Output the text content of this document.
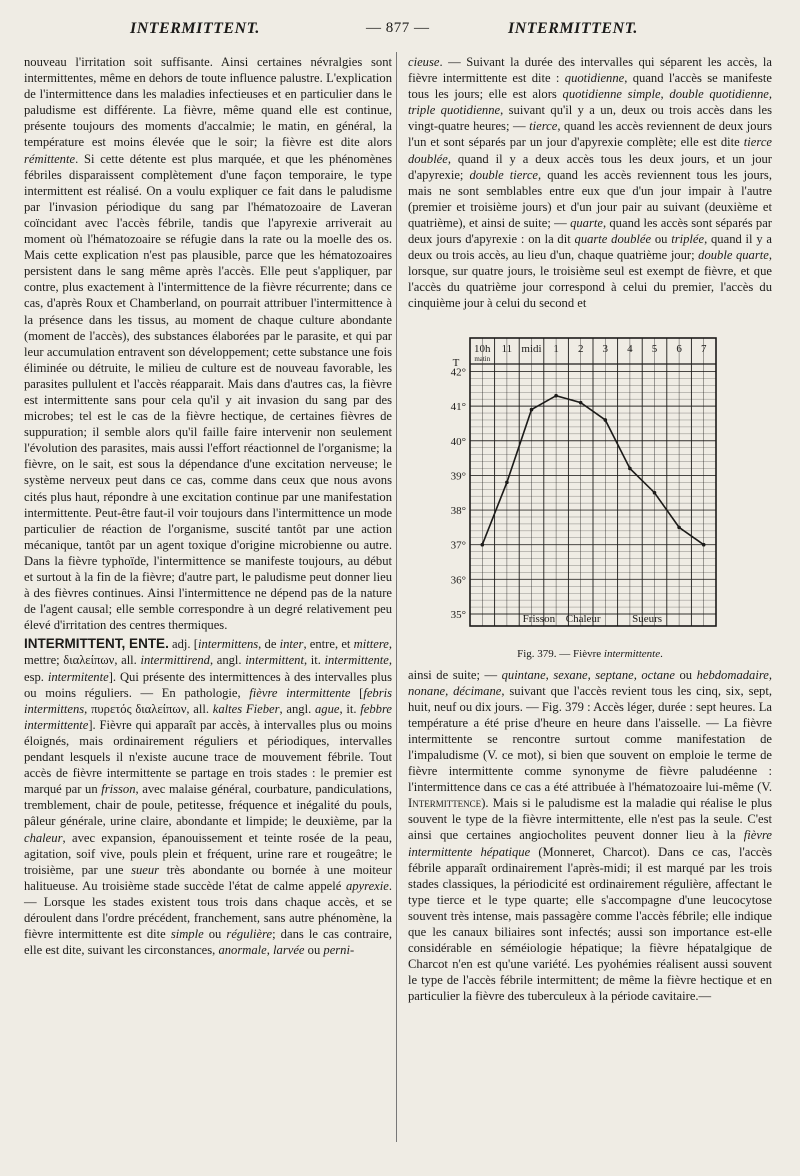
INTERMITTENT.	— 877 —	INTERMITTENT.

nouveau l'irritation soit suffisante. Ainsi certaines névralgies sont intermittentes, même en dehors de toute influence palustre. L'explication de l'intermittence dans les maladies infectieuses et en particulier dans le paludisme est différente. La fièvre, même quand elle est continue, présente toujours des moments d'accalmie; le matin, en général, la température est moins élevée que le soir; la fièvre est dite alors rémittente. Si cette détente est plus marquée, et que les phénomènes fébriles disparaissent complètement d'une façon temporaire, le type intermittent est réalisé. On a voulu expliquer ce fait dans le paludisme par l'invasion périodique du sang par l'hématozoaire de Laveran coïncidant avec l'accès fébrile, tandis que l'apyrexie arriverait au moment où l'hématozoaire se réfugie dans la rate ou la moelle des os. Mais cette explication n'est pas plausible, parce que les hématozoaires persistent dans le sang même après l'accès. Elle peut s'appliquer, par contre, plus exactement à l'intermittence de la fièvre récurrente; dans ce cas, d'après Roux et Chamberland, on pourrait attribuer l'intermittence à la présence dans les tissus, au moment de chaque culture abondante (moment de l'accès), des substances élaborées par le parasite, et qui par leur accumulation entravent son développement; cette substance une fois éliminée ou détruite, le milieu de culture est de nouveau favorable, les parasites pullulent et l'accès réapparait. Mais dans d'autres cas, la fièvre est intermittente sans pour cela qu'il y ait invasion du sang par des microbes; tel est le cas de la fièvre hectique, de certaines fièvres de suppuration; il semble alors qu'il faille faire intervenir non seulement l'évolution des parasites, mais aussi l'effort réactionnel de l'organisme; la fièvre, on le sait, est sous la dépendance d'une excitation nerveuse; le système nerveux peut dans ce cas, comme dans ceux que nous avons cités plus haut, répondre à une excitation continue par une manifestation intermittente. Peut-être faut-il voir toujours dans l'intermittence un mode particulier de réaction de l'organisme, suscité tantôt par une action mécanique, tantôt par un agent toxique d'origine microbienne ou autre. Dans la fièvre typhoïde, l'intermittence se manifeste toujours, au début et surtout à la fin de la fièvre; d'autre part, le paludisme peut donner lieu à des fièvres continues. Ainsi l'intermittence ne dépend pas de la nature de l'agent causal; elle semble correspondre à un degré relativement peu élevé d'irritation des centres thermiques.

INTERMITTENT, ENTE. adj. [intermittens, de inter, entre, et mittere, mettre; διαλείπων, all. intermittirend, angl. intermittent, it. intermittente, esp. intermitente]. Qui présente des intermittences à des intervalles plus ou moins réguliers. — En pathologie, fièvre intermittente [febris intermittens, πυρετός διαλείπων, all. kaltes Fieber, angl. ague, it. febbre intermittente]. Fièvre qui apparaît par accès, à intervalles plus ou moins éloignés, mais ordinairement réguliers et périodiques, intervalles pendant lesquels il n'existe aucune trace de mouvement fébrile. Tout accès de fièvre intermittente se partage en trois stades : le premier est marqué par un frisson, avec malaise général, courbature, pandiculations, tremblement, chair de poule, petitesse, fréquence et inégalité du pouls, pâleur générale, urine claire, abondante et limpide; le deuxième, par la chaleur, avec expansion, épanouissement et teinte rosée de la peau, agitation, soif vive, pouls plein et fréquent, urine rare et rougeâtre; le troisième, par une sueur très abondante ou bornée à une moiteur halitueuse. Au troisième stade succède l'état de calme appelé apyrexie. — Lorsque les stades existent tous trois dans chaque accès, et se déroulent dans l'ordre précédent, franchement, sans autre phénomène, la fièvre intermittente est dite simple ou régulière; dans le cas contraire, elle est dite, suivant les circonstances, anormale, larvée ou perni-

cieuse. — Suivant la durée des intervalles qui séparent les accès, la fièvre intermittente est dite : quotidienne, quand l'accès se manifeste tous les jours; elle est alors quotidienne simple, double quotidienne, triple quotidienne, suivant qu'il y a un, deux ou trois accès dans les vingt-quatre heures; — tierce, quand les accès reviennent de deux jours l'un et sont séparés par un jour d'apyrexie complète; elle est dite tierce doublée, quand il y a deux accès tous les deux jours, et un jour d'apyrexie; double tierce, quand les accès reviennent tous les jours, mais ne sont semblables entre eux que d'un jour impair à l'autre (premier et troisième jours) et d'un jour pair au suivant (deuxième et quatrième), et ainsi de suite; — quarte, quand les accès sont séparés par deux jours d'apyrexie : on la dit quarte doublée ou triplée, quand il y a deux ou trois accès, au lieu d'un, chaque quatrième jour; double quarte, lorsque, sur quatre jours, le troisième seul est exempt de fièvre, et que l'accès du quatrième jour correspond à celui du premier, l'accès du cinquième jour à celui du second et

10h 11 midi 1 2 3 4 5 6 7
matin
T
42°
41°
40°
39°
38°
37°
36°
35°	Frisson Chaleur	Sueurs
Fig. 379. — Fièvre intermittente.

ainsi de suite; — quintane, sexane, septane, octane ou hebdomadaire, nonane, décimane, suivant que l'accès revient tous les cinq, six, sept, huit, neuf ou dix jours. — Fig. 379 : Accès léger, durée : sept heures. La température a été prise d'heure en heure dans l'aisselle. — La fièvre intermittente se rencontre surtout comme manifestation de l'impaludisme (V. ce mot), si bien que souvent on emploie le terme de fièvre intermittente comme synonyme de fièvre paludéenne : l'intermittence dans ce cas a été attribuée à l'hématozoaire lui-même (V. Intermittence). Mais si le paludisme est la maladie qui réalise le plus souvent le type de la fièvre intermittente, elle n'est pas la seule. C'est ainsi que certaines angiocholites peuvent donner lieu à la fièvre intermittente hépatique (Monneret, Charcot). Dans ce cas, l'accès fébrile apparaît ordinairement l'après-midi; il est marqué par les trois stades classiques, la périodicité est ordinairement régulière, affectant le type tierce et le type quarte; elle s'accompagne d'une leucocytose souvent très intense, mais passagère comme l'accès fébrile; elle indique que les canaux biliaires sont infectés; aussi son importance est-elle considérable en séméiologie hépatique; la fièvre hépatalgique de Charcot n'en est qu'une variété. Les pyohémies réalisent aussi souvent le type de l'accès fébrile intermittent; de même la fièvre hectique et en particulier la fièvre des tuberculeux à la période cavitaire.—
